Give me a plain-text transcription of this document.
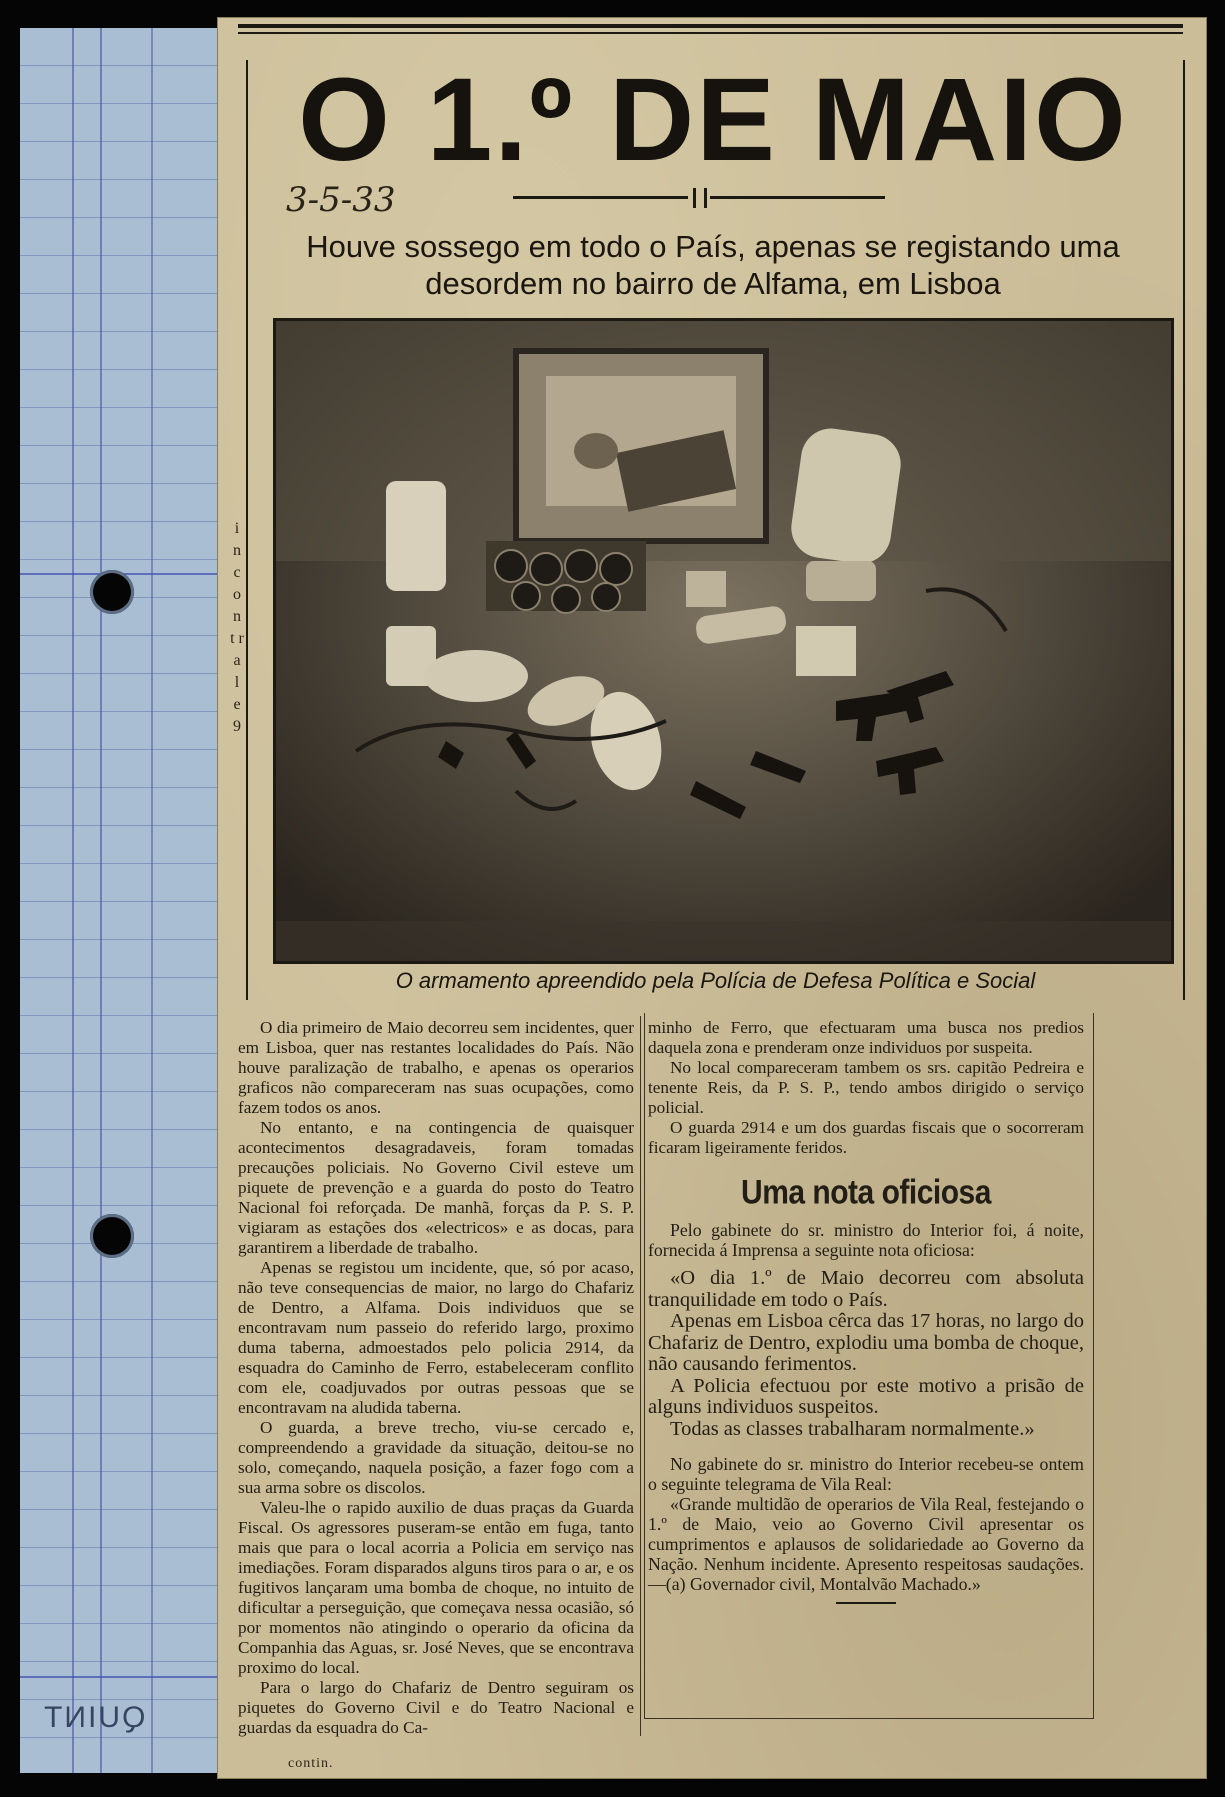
QUINT
O 1.º DE MAIO
3-5-33
Houve sossego em todo o País, apenas se registando uma
desordem no bairro de Alfama, em Lisboa
i n c o n t r a l e 9
O armamento apreendido pela Polícia de Defesa Política e Social

O dia primeiro de Maio decorreu sem incidentes, quer em Lisboa, quer nas restantes localidades do País. Não houve paralização de trabalho, e apenas os operarios graficos não compareceram nas suas ocupações, como fazem todos os anos.

No entanto, e na contingencia de quaisquer acontecimentos desagradaveis, foram tomadas precauções policiais. No Governo Civil esteve um piquete de prevenção e a guarda do posto do Teatro Nacional foi reforçada. De manhã, forças da P. S. P. vigiaram as estações dos «electricos» e as docas, para garantirem a liberdade de trabalho.

Apenas se registou um incidente, que, só por acaso, não teve consequencias de maior, no largo do Chafariz de Dentro, a Alfama. Dois individuos que se encontravam num passeio do referido largo, proximo duma taberna, admoestados pelo policia 2914, da esquadra do Caminho de Ferro, estabeleceram conflito com ele, coadjuvados por outras pessoas que se encontravam na aludida taberna.

O guarda, a breve trecho, viu-se cercado e, compreendendo a gravidade da situação, deitou-se no solo, começando, naquela posição, a fazer fogo com a sua arma sobre os discolos.

Valeu-lhe o rapido auxilio de duas praças da Guarda Fiscal. Os agressores puseram-se então em fuga, tanto mais que para o local acorria a Policia em serviço nas imediações. Foram disparados alguns tiros para o ar, e os fugitivos lançaram uma bomba de choque, no intuito de dificultar a perseguição, que começava nessa ocasião, só por momentos não atingindo o operario da oficina da Companhia das Aguas, sr. José Neves, que se encontrava proximo do local.

Para o largo do Chafariz de Dentro seguiram os piquetes do Governo Civil e do Teatro Nacional e guardas da esquadra do Ca-

minho de Ferro, que efectuaram uma busca nos predios daquela zona e prenderam onze individuos por suspeita.

No local compareceram tambem os srs. capitão Pedreira e tenente Reis, da P. S. P., tendo ambos dirigido o serviço policial.

O guarda 2914 e um dos guardas fiscais que o socorreram ficaram ligeiramente feridos.

Uma nota oficiosa

Pelo gabinete do sr. ministro do Interior foi, á noite, fornecida á Imprensa a seguinte nota oficiosa:

«O dia 1.º de Maio decorreu com absoluta tranquilidade em todo o País.

Apenas em Lisboa cêrca das 17 horas, no largo do Chafariz de Dentro, explodiu uma bomba de choque, não causando ferimentos.

A Policia efectuou por este motivo a prisão de alguns individuos suspeitos.

Todas as classes trabalharam normalmente.»

No gabinete do sr. ministro do Interior recebeu-se ontem o seguinte telegrama de Vila Real:

«Grande multidão de operarios de Vila Real, festejando o 1.º de Maio, veio ao Governo Civil apresentar os cumprimentos e aplausos de solidariedade ao Governo da Nação. Nenhum incidente. Apresento respeitosas saudações.—(a) Governador civil, Montalvão Machado.»

contin.
